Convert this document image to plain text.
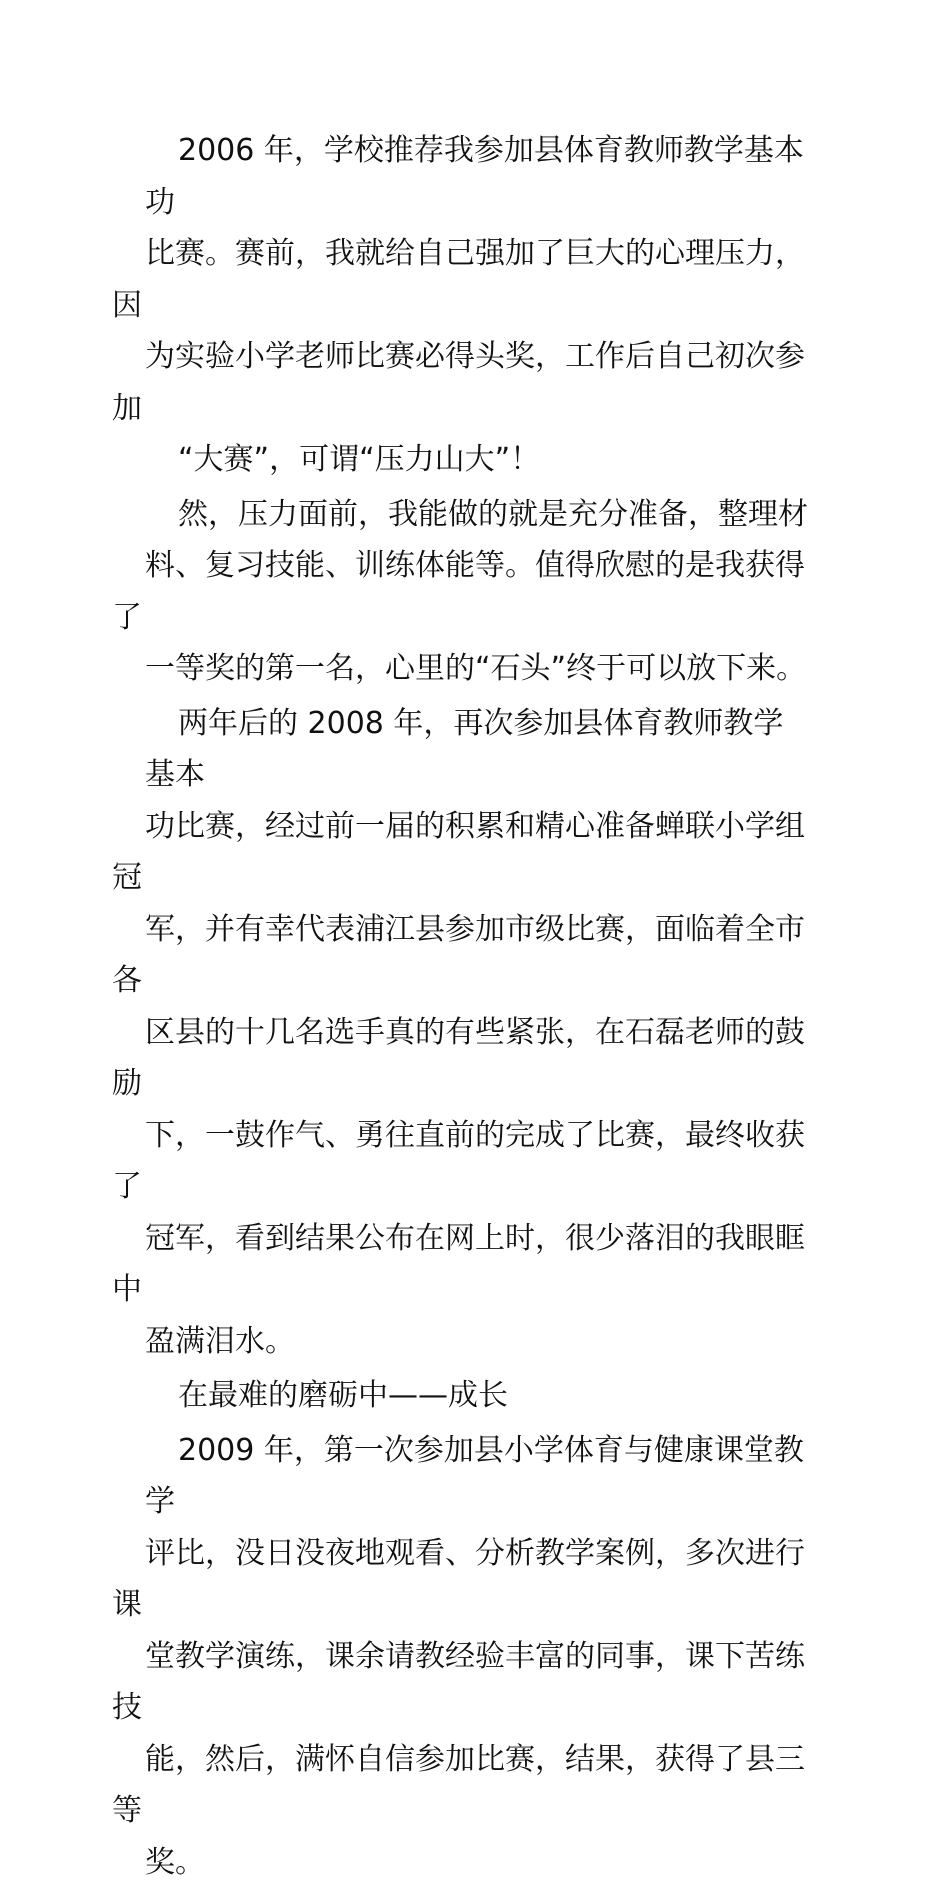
2006 年，学校推荐我参加县体育教师教学基本功
比赛。赛前，我就给自己强加了巨大的心理压力，因
为实验小学老师比赛必得头奖，工作后自己初次参加
“大赛”，可谓“压力山大”！

然，压力面前，我能做的就是充分准备，整理材
料、复习技能、训练体能等。值得欣慰的是我获得了
一等奖的第一名，心里的“石头”终于可以放下来。

两年后的 2008 年，再次参加县体育教师教学基本
功比赛，经过前一届的积累和精心准备蝉联小学组冠
军，并有幸代表浦江县参加市级比赛，面临着全市各
区县的十几名选手真的有些紧张，在石磊老师的鼓励
下，一鼓作气、勇往直前的完成了比赛，最终收获了
冠军，看到结果公布在网上时，很少落泪的我眼眶中
盈满泪水。

在最难的磨砺中——成长

2009 年，第一次参加县小学体育与健康课堂教学
评比，没日没夜地观看、分析教学案例，多次进行课
堂教学演练，课余请教经验丰富的同事，课下苦练技
能，然后，满怀自信参加比赛，结果，获得了县三等
奖。
